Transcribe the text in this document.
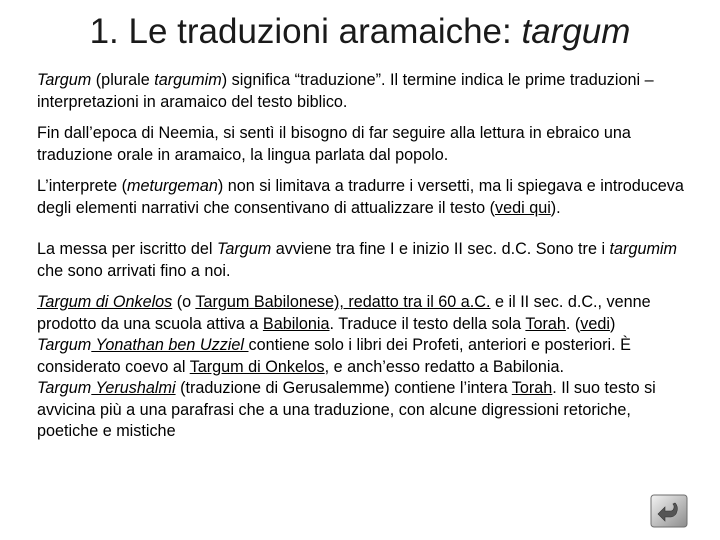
1. Le traduzioni aramaiche: targum

Targum (plurale targumim) significa “traduzione”. Il termine indica le prime traduzioni – interpretazioni in aramaico del testo biblico.

Fin dall’epoca di Neemia, si sentì il bisogno di far seguire alla lettura in ebraico una traduzione orale in aramaico, la lingua parlata dal popolo.

L’interprete (meturgeman) non si limitava a tradurre i versetti, ma li spiegava e introduceva degli elementi narrativi che consentivano di attualizzare il testo (vedi qui).

La messa per iscritto del Targum avviene tra fine I e inizio II sec. d.C. Sono tre i targumim che sono arrivati fino a noi.

Targum di Onkelos (o Targum Babilonese), redatto tra il 60 a.C. e il II sec. d.C., venne prodotto da una scuola attiva a Babilonia. Traduce il testo della sola Torah. (vedi)
Targum Yonathan ben Uzziel contiene solo i libri dei Profeti, anteriori e posteriori. È considerato coevo al Targum di Onkelos, e anch’esso redatto a Babilonia.
Targum Yerushalmi (traduzione di Gerusalemme) contiene l’intera Torah. Il suo testo si avvicina più a una parafrasi che a una traduzione, con alcune digressioni retoriche, poetiche e mistiche
